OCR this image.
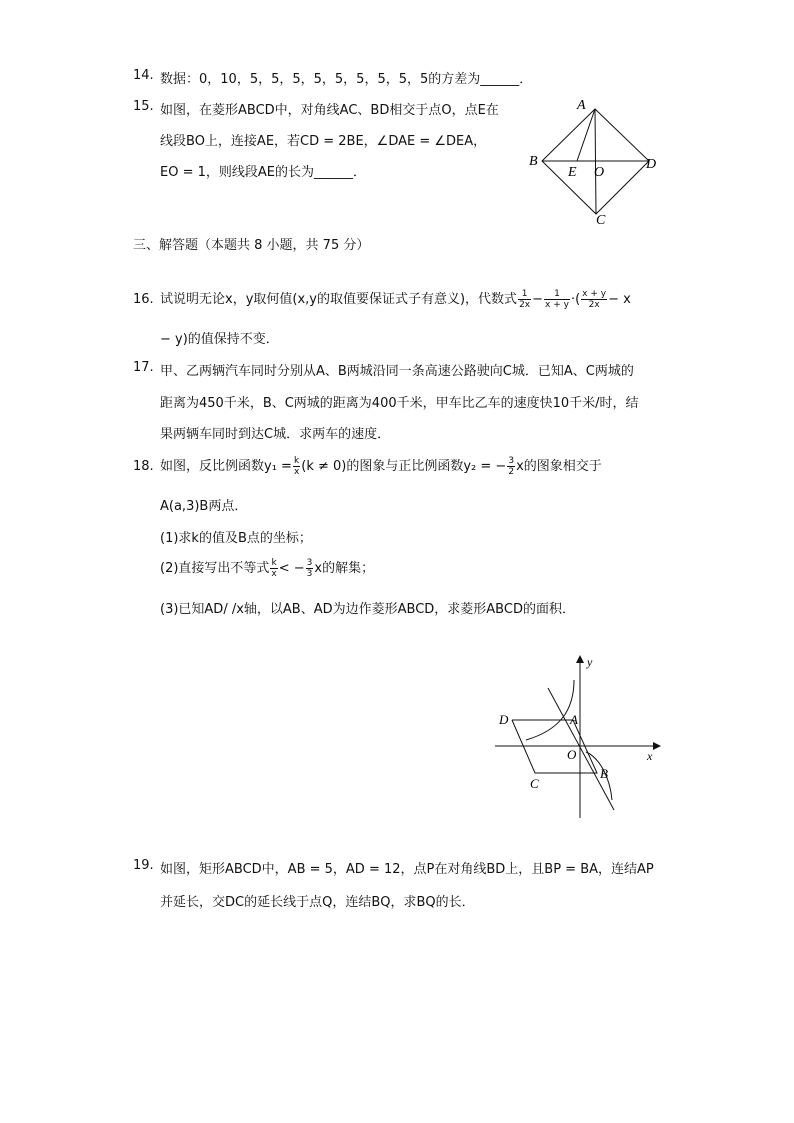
14. 数据：0，10，5，5，5，5，5，5，5，5，5的方差为______．
15. 如图，在菱形ABCD中，对角线AC、BD相交于点O，点E在
线段BO上，连接AE，若CD = 2BE，∠DAE = ∠DEA，
EO = 1，则线段AE的长为______．
A
B	D
C
E O
三、解答题（本题共 8 小题，共 75 分）
16. 试说明无论x，y取何值(x,y的取值要保证式子有意义)，代数式 $\frac{1}{2x} - \frac{1}{x + y}$ ·( $\frac{x + y}{2x} - x$
− y)的值保持不变．
17. 甲、乙两辆汽车同时分别从A、B两城沿同一条高速公路驶向C城．已知A、C两城的
距离为450千米，B、C两城的距离为400千米，甲车比乙车的速度快10千米/时，结
果两辆车同时到达C城．求两车的速度．
18. 如图，反比例函数$y_1 = \frac{k}{x} (k \ne 0)$的图象与正比例函数y₂ = − $\frac{3}{2}$ x的图象相交于
A(a,3)B两点．
(1)求k的值及B点的坐标；
(2)直接写出不等式 $\frac{k}{x}$ < − $\frac{3}{3}$ x的解集；
(3)已知AD/ /x轴，以AB、AD为边作菱形ABCD，求菱形ABCD的面积．
y
x
D	A
O
B
C
19. 如图，矩形ABCD中，AB = 5，AD = 12，点P在对角线BD上，且BP = BA，连结AP
并延长，交DC的延长线于点Q，连结BQ，求BQ的长．
